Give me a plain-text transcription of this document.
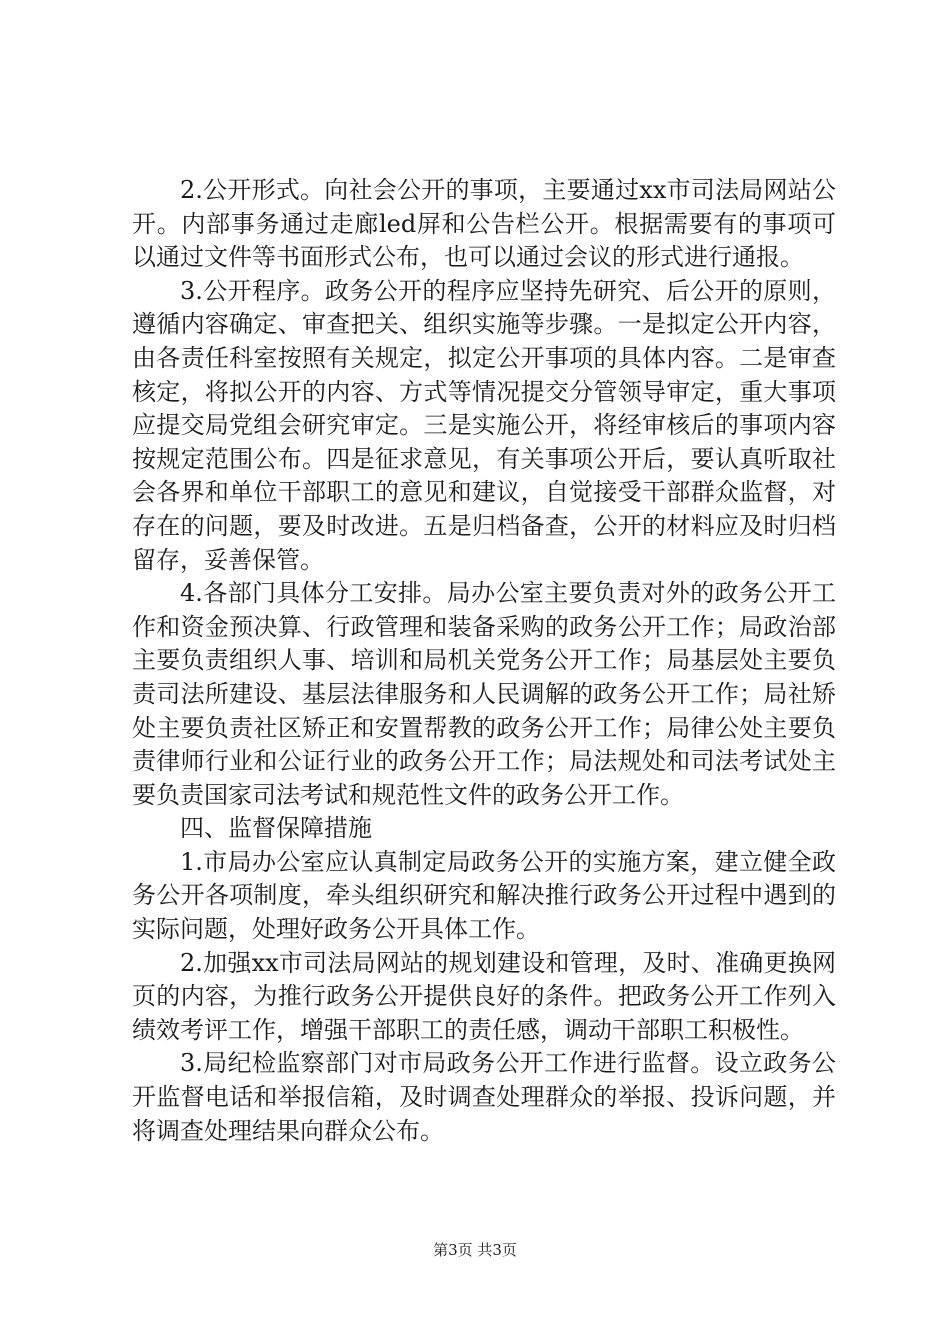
2.公开形式。向社会公开的事项，主要通过xx市司法局网站公开。内部事务通过走廊led屏和公告栏公开。根据需要有的事项可以通过文件等书面形式公布，也可以通过会议的形式进行通报。

3.公开程序。政务公开的程序应坚持先研究、后公开的原则，遵循内容确定、审查把关、组织实施等步骤。一是拟定公开内容，由各责任科室按照有关规定，拟定公开事项的具体内容。二是审查核定，将拟公开的内容、方式等情况提交分管领导审定，重大事项应提交局党组会研究审定。三是实施公开，将经审核后的事项内容按规定范围公布。四是征求意见，有关事项公开后，要认真听取社会各界和单位干部职工的意见和建议，自觉接受干部群众监督，对存在的问题，要及时改进。五是归档备查，公开的材料应及时归档留存，妥善保管。

4.各部门具体分工安排。局办公室主要负责对外的政务公开工作和资金预决算、行政管理和装备采购的政务公开工作；局政治部主要负责组织人事、培训和局机关党务公开工作；局基层处主要负责司法所建设、基层法律服务和人民调解的政务公开工作；局社矫处主要负责社区矫正和安置帮教的政务公开工作；局律公处主要负责律师行业和公证行业的政务公开工作；局法规处和司法考试处主要负责国家司法考试和规范性文件的政务公开工作。

四、监督保障措施

1.市局办公室应认真制定局政务公开的实施方案，建立健全政务公开各项制度，牵头组织研究和解决推行政务公开过程中遇到的实际问题，处理好政务公开具体工作。

2.加强xx市司法局网站的规划建设和管理，及时、准确更换网页的内容，为推行政务公开提供良好的条件。把政务公开工作列入绩效考评工作，增强干部职工的责任感，调动干部职工积极性。

3.局纪检监察部门对市局政务公开工作进行监督。设立政务公开监督电话和举报信箱，及时调查处理群众的举报、投诉问题，并将调查处理结果向群众公布。

第3页 共3页
